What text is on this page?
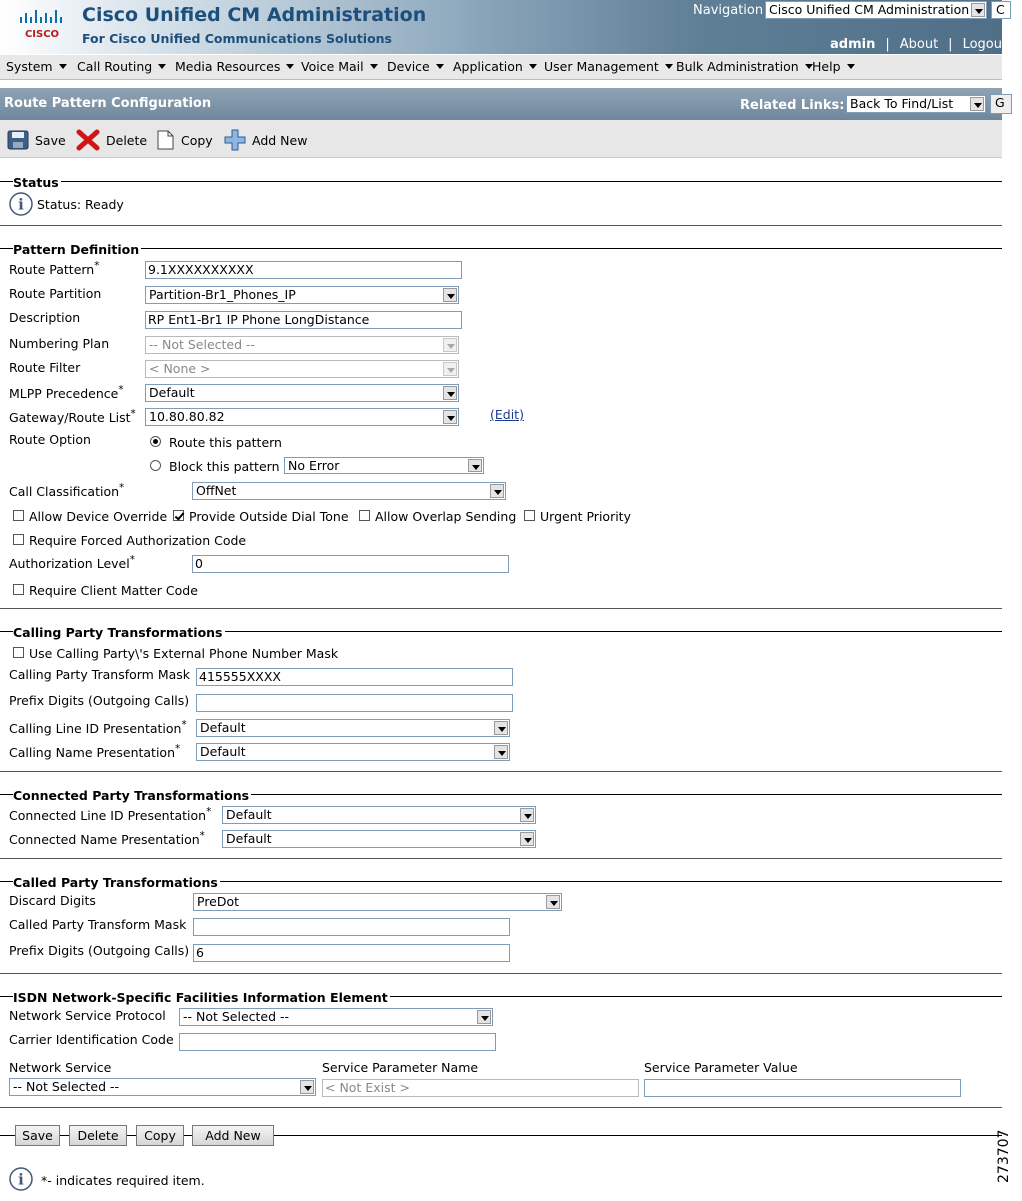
CISCO
Cisco Unified CM Administration
For Cisco Unified Communications Solutions
Navigation Cisco Unified CM Administration	C
admin | About | Logou
System	Call Routing	Media Resources	Voice Mail	Device	Application	User Management	Bulk Administration	Help
Route Pattern Configuration	Related Links: Back To Find/List	G
Save	Delete	Copy	Add New
Status
i Status: Ready
Pattern Definition
Route Pattern*	9.1XXXXXXXXXX
Route Partition	Partition-Br1_Phones_IP
Description	RP Ent1-Br1 IP Phone LongDistance
Numbering Plan	-- Not Selected --
Route Filter	< None >
MLPP Precedence*	Default
Gateway/Route List*	10.80.80.82	(Edit)
Route Option	Route this pattern
Block this pattern No Error
Call Classification*	OffNet
Allow Device Override Provide Outside Dial Tone Allow Overlap Sending Urgent Priority
Require Forced Authorization Code
Authorization Level*	0
Require Client Matter Code
Calling Party Transformations
Use Calling Party\'s External Phone Number Mask
Calling Party Transform Mask 415555XXXX
Prefix Digits (Outgoing Calls)
Calling Line ID Presentation*	Default
Calling Name Presentation*	Default
Connected Party Transformations
Connected Line ID Presentation*	Default
Connected Name Presentation*	Default
Called Party Transformations
Discard Digits	PreDot
Called Party Transform Mask
Prefix Digits (Outgoing Calls) 6
ISDN Network-Specific Facilities Information Element
Network Service Protocol	-- Not Selected --
Carrier Identification Code
Network Service	Service Parameter Name	Service Parameter Value
-- Not Selected --	< Not Exist >
Save	Delete	Copy	Add New
i *- indicates required item.	273707
